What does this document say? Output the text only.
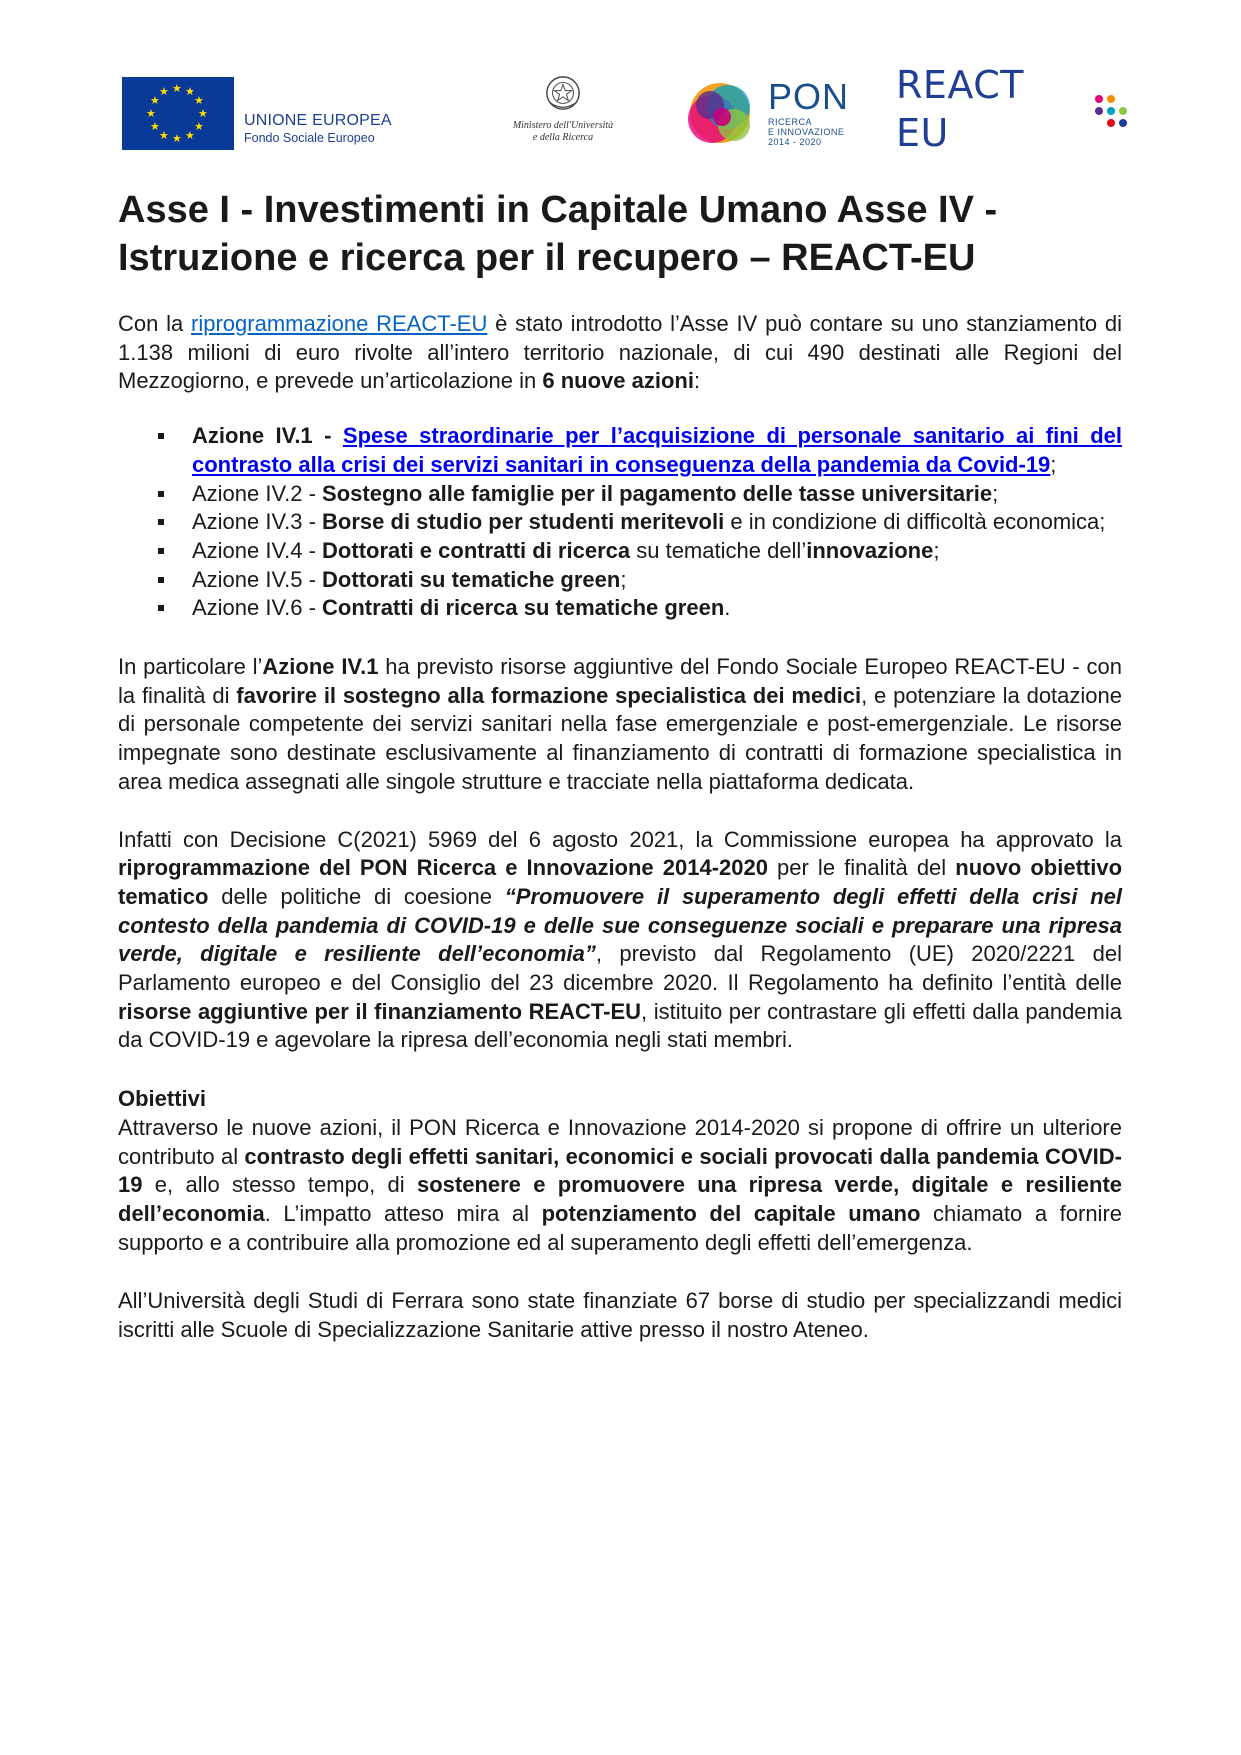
★ ★
★
★
★
★
★
★
★
★
★
★
UNIONE EUROPEA
Fondo Sociale Europeo
Ministero dell'Università
e della Ricerca
PON
RICERCA
E INNOVAZIONE
2014 - 2020
REACT EU
Asse I - Investimenti in Capitale Umano Asse IV - Istruzione e ricerca per il recupero – REACT-EU

Con la riprogrammazione REACT-EU è stato introdotto l’Asse IV può contare su uno stanziamento di 1.138 milioni di euro rivolte all’intero territorio nazionale, di cui 490 destinati alle Regioni del Mezzogiorno, e prevede un’articolazione in 6 nuove azioni:

Azione IV.1 - Spese straordinarie per l’acquisizione di personale sanitario ai fini del contrasto alla crisi dei servizi sanitari in conseguenza della pandemia da Covid-19;
Azione IV.2 - Sostegno alle famiglie per il pagamento delle tasse universitarie;
Azione IV.3 - Borse di studio per studenti meritevoli e in condizione di difficoltà economica;
Azione IV.4 - Dottorati e contratti di ricerca su tematiche dell’innovazione;
Azione IV.5 - Dottorati su tematiche green;
Azione IV.6 - Contratti di ricerca su tematiche green.

In particolare l’Azione IV.1 ha previsto risorse aggiuntive del Fondo Sociale Europeo REACT-EU - con la finalità di favorire il sostegno alla formazione specialistica dei medici, e potenziare la dotazione di personale competente dei servizi sanitari nella fase emergenziale e post-emergenziale. Le risorse impegnate sono destinate esclusivamente al finanziamento di contratti di formazione specialistica in area medica assegnati alle singole strutture e tracciate nella piattaforma dedicata.

Infatti con Decisione C(2021) 5969 del 6 agosto 2021, la Commissione europea ha approvato la riprogrammazione del PON Ricerca e Innovazione 2014-2020 per le finalità del nuovo obiettivo tematico delle politiche di coesione “Promuovere il superamento degli effetti della crisi nel contesto della pandemia di COVID-19 e delle sue conseguenze sociali e preparare una ripresa verde, digitale e resiliente dell’economia”, previsto dal Regolamento (UE) 2020/2221 del Parlamento europeo e del Consiglio del 23 dicembre 2020. Il Regolamento ha definito l’entità delle risorse aggiuntive per il finanziamento REACT-EU, istituito per contrastare gli effetti dalla pandemia da COVID-19 e agevolare la ripresa dell’economia negli stati membri.

Obiettivi

Attraverso le nuove azioni, il PON Ricerca e Innovazione 2014-2020 si propone di offrire un ulteriore contributo al contrasto degli effetti sanitari, economici e sociali provocati dalla pandemia COVID-19 e, allo stesso tempo, di sostenere e promuovere una ripresa verde, digitale e resiliente dell’economia. L’impatto atteso mira al potenziamento del capitale umano chiamato a fornire supporto e a contribuire alla promozione ed al superamento degli effetti dell’emergenza.

All’Università degli Studi di Ferrara sono state finanziate 67 borse di studio per specializzandi medici iscritti alle Scuole di Specializzazione Sanitarie attive presso il nostro Ateneo.
